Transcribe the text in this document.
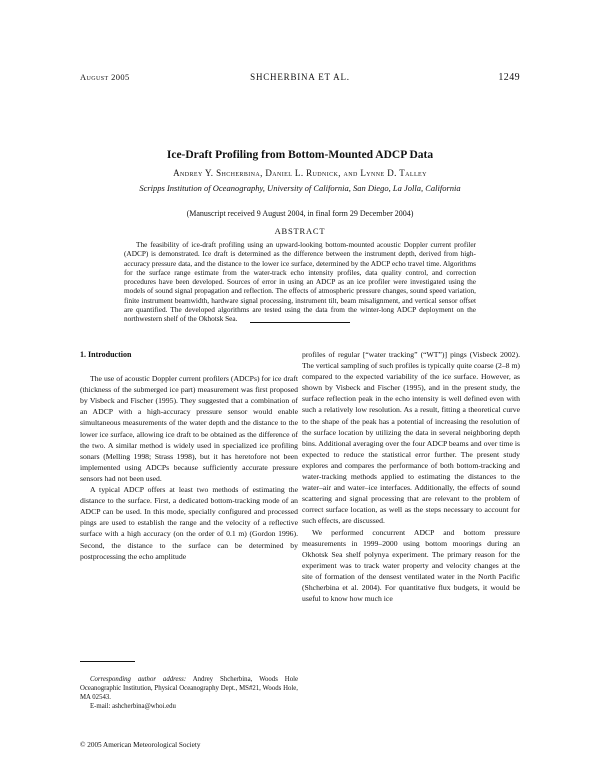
August 2005	SHCHERBINA ET AL.	1249
Ice-Draft Profiling from Bottom-Mounted ADCP Data
Andrey Y. Shcherbina, Daniel L. Rudnick, and Lynne D. Talley
Scripps Institution of Oceanography, University of California, San Diego, La Jolla, California
(Manuscript received 9 August 2004, in final form 29 December 2004)
ABSTRACT

The feasibility of ice-draft profiling using an upward-looking bottom-mounted acoustic Doppler current profiler (ADCP) is demonstrated. Ice draft is determined as the difference between the instrument depth, derived from high-accuracy pressure data, and the distance to the lower ice surface, determined by the ADCP echo travel time. Algorithms for the surface range estimate from the water-track echo intensity profiles, data quality control, and correction procedures have been developed. Sources of error in using an ADCP as an ice profiler were investigated using the models of sound signal propagation and reflection. The effects of atmospheric pressure changes, sound speed variation, finite instrument beamwidth, hardware signal processing, instrument tilt, beam misalignment, and vertical sensor offset are quantified. The developed algorithms are tested using the data from the winter-long ADCP deployment on the northwestern shelf of the Okhotsk Sea.

1. Introduction

The use of acoustic Doppler current profilers (ADCPs) for ice draft (thickness of the submerged ice part) measurement was first proposed by Visbeck and Fischer (1995). They suggested that a combination of an ADCP with a high-accuracy pressure sensor would enable simultaneous measurements of the water depth and the distance to the lower ice surface, allowing ice draft to be obtained as the difference of the two. A similar method is widely used in specialized ice profiling sonars (Melling 1998; Strass 1998), but it has heretofore not been implemented using ADCPs because sufficiently accurate pressure sensors had not been used.

A typical ADCP offers at least two methods of estimating the distance to the surface. First, a dedicated bottom-tracking mode of an ADCP can be used. In this mode, specially configured and processed pings are used to establish the range and the velocity of a reflective surface with a high accuracy (on the order of 0.1 m) (Gordon 1996). Second, the distance to the surface can be determined by postprocessing the echo amplitude

profiles of regular [“water tracking” (“WT”)] pings (Visbeck 2002). The vertical sampling of such profiles is typically quite coarse (2–8 m) compared to the expected variability of the ice surface. However, as shown by Visbeck and Fischer (1995), and in the present study, the surface reflection peak in the echo intensity is well defined even with such a relatively low resolution. As a result, fitting a theoretical curve to the shape of the peak has a potential of increasing the resolution of the surface location by utilizing the data in several neighboring depth bins. Additional averaging over the four ADCP beams and over time is expected to reduce the statistical error further. The present study explores and compares the performance of both bottom-tracking and water-tracking methods applied to estimating the distances to the water–air and water–ice interfaces. Additionally, the effects of sound scattering and signal processing that are relevant to the problem of correct surface location, as well as the steps necessary to account for such effects, are discussed.

We performed concurrent ADCP and bottom pressure measurements in 1999–2000 using bottom moorings during an Okhotsk Sea shelf polynya experiment. The primary reason for the experiment was to track water property and velocity changes at the site of formation of the densest ventilated water in the North Pacific (Shcherbina et al. 2004). For quantitative flux budgets, it would be useful to know how much ice

Corresponding author address: Andrey Shcherbina, Woods Hole Oceanographic Institution, Physical Oceanography Dept., MS#21, Woods Hole, MA 02543.
E-mail: ashcherbina@whoi.edu

© 2005 American Meteorological Society
